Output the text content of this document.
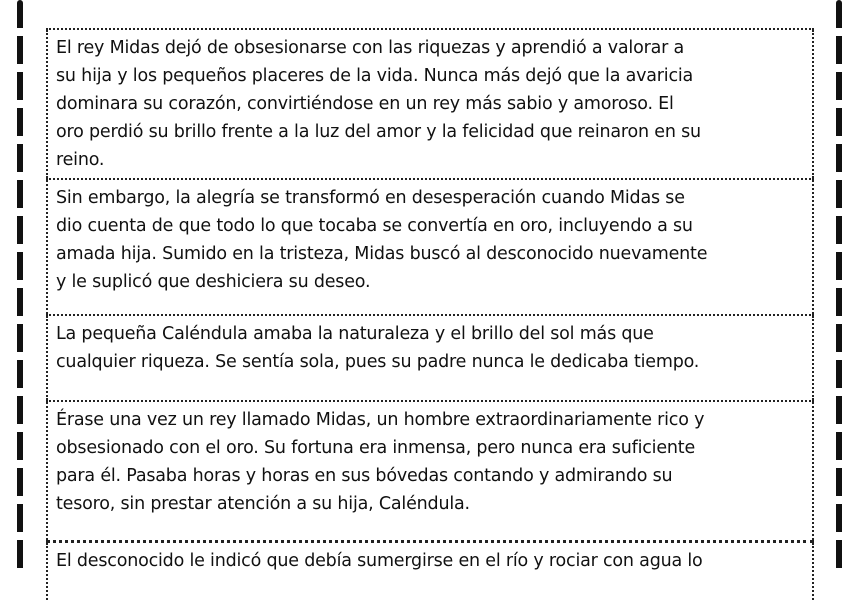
El rey Midas dejó de obsesionarse con las riquezas y aprendió a valorar a

su hija y los pequeños placeres de la vida. Nunca más dejó que la avaricia

dominara su corazón, convirtiéndose en un rey más sabio y amoroso. El

oro perdió su brillo frente a la luz del amor y la felicidad que reinaron en su

reino.

Sin embargo, la alegría se transformó en desesperación cuando Midas se

dio cuenta de que todo lo que tocaba se convertía en oro, incluyendo a su

amada hija. Sumido en la tristeza, Midas buscó al desconocido nuevamente

y le suplicó que deshiciera su deseo.

La pequeña Caléndula amaba la naturaleza y el brillo del sol más que

cualquier riqueza. Se sentía sola, pues su padre nunca le dedicaba tiempo.

Érase una vez un rey llamado Midas, un hombre extraordinariamente rico y

obsesionado con el oro. Su fortuna era inmensa, pero nunca era suficiente

para él. Pasaba horas y horas en sus bóvedas contando y admirando su

tesoro, sin prestar atención a su hija, Caléndula.

El desconocido le indicó que debía sumergirse en el río y rociar con agua lo
